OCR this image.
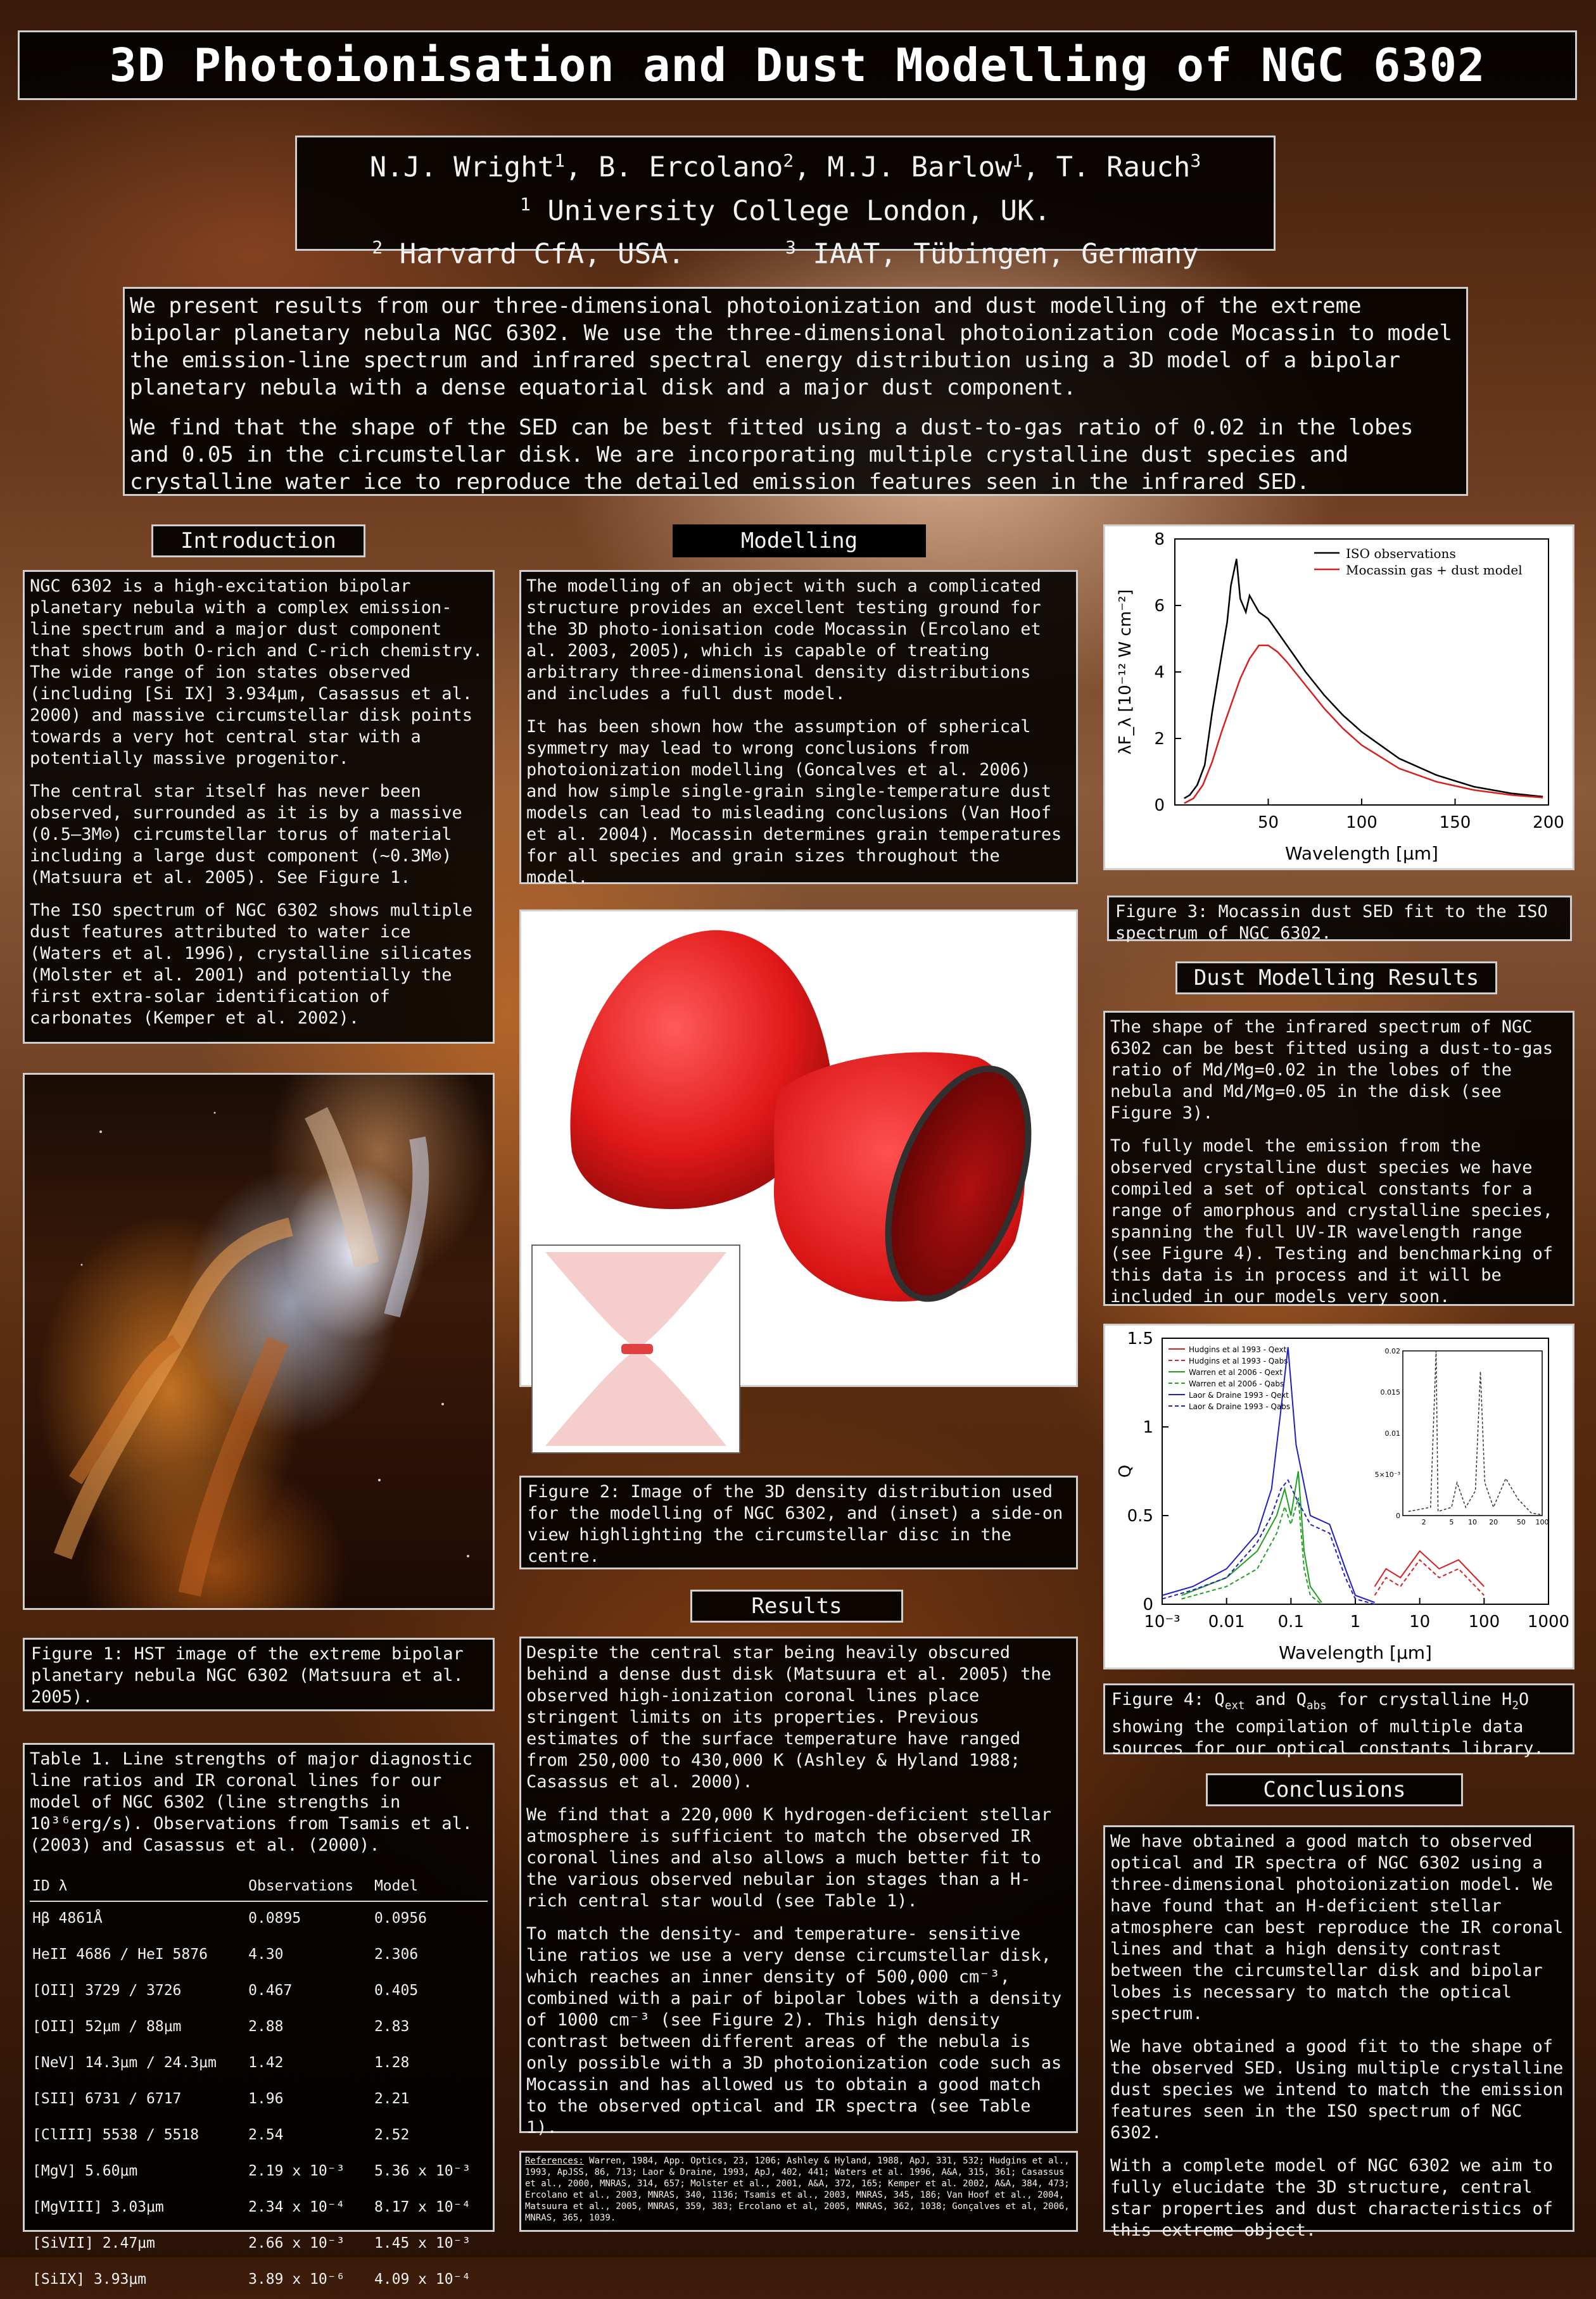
3D Photoionisation and Dust Modelling of NGC 6302
N.J. Wright$^1$, B. Ercolano$^2$, M.J. Barlow$^1$, T. Rauch$^3$
$^1$ University College London, UK.
$^2$ Harvard CfA, USA.	$^3$ IAAT, Tübingen, Germany

We present results from our three-dimensional photoionization and dust modelling of the extreme bipolar planetary nebula NGC 6302. We use the three-dimensional photoionization code Mocassin to model the emission-line spectrum and infrared spectral energy distribution using a 3D model of a bipolar planetary nebula with a dense equatorial disk and a major dust component.

We find that the shape of the SED can be best fitted using a dust-to-gas ratio of 0.02 in the lobes and 0.05 in the circumstellar disk. We are incorporating multiple crystalline dust species and crystalline water ice to reproduce the detailed emission features seen in the infrared SED.

Introduction

NGC 6302 is a high-excitation bipolar planetary nebula with a complex emission-line spectrum and a major dust component that shows both O-rich and C-rich chemistry. The wide range of ion states observed (including [Si IX] 3.934μm, Casassus et al. 2000) and massive circumstellar disk points towards a very hot central star with a potentially massive progenitor.

The central star itself has never been observed, surrounded as it is by a massive (0.5–3M⊙) circumstellar torus of material including a large dust component (~0.3M⊙) (Matsuura et al. 2005). See Figure 1.

The ISO spectrum of NGC 6302 shows multiple dust features attributed to water ice (Waters et al. 1996), crystalline silicates (Molster et al. 2001) and potentially the first extra-solar identification of carbonates (Kemper et al. 2002).

Figure 1: HST image of the extreme bipolar planetary nebula NGC 6302 (Matsuura et al. 2005).
Table 1. Line strengths of major diagnostic line ratios and IR coronal lines for our model of NGC 6302 (line strengths in 10³⁶erg/s). Observations from Tsamis et al. (2003) and Casassus et al. (2000).
ID λ	Observations	Model
Hβ 4861Å	0.0895	0.0956
HeII 4686 / HeI 5876	4.30	2.306
[OII] 3729 / 3726	0.467	0.405
[OII] 52μm / 88μm	2.88	2.83
[NeV] 14.3μm / 24.3μm	1.42	1.28
[SII] 6731 / 6717	1.96	2.21
[ClIII] 5538 / 5518	2.54	2.52
[MgV] 5.60μm	2.19 x 10⁻³	5.36 x 10⁻³
[MgVIII] 3.03μm	2.34 x 10⁻⁴	8.17 x 10⁻⁴
[SiVII] 2.47μm	2.66 x 10⁻³	1.45 x 10⁻³
[SiIX] 3.93μm	3.89 x 10⁻⁶	4.09 x 10⁻⁴
Modelling

The modelling of an object with such a complicated structure provides an excellent testing ground for the 3D photo-ionisation code Mocassin (Ercolano et al. 2003, 2005), which is capable of treating arbitrary three-dimensional density distributions and includes a full dust model.

It has been shown how the assumption of spherical symmetry may lead to wrong conclusions from photoionization modelling (Goncalves et al. 2006) and how simple single-grain single-temperature dust models can lead to misleading conclusions (Van Hoof et al. 2004). Mocassin determines grain temperatures for all species and grain sizes throughout the model.

Figure 2: Image of the 3D density distribution used for the modelling of NGC 6302, and (inset) a side-on view highlighting the circumstellar disc in the centre.
Results

Despite the central star being heavily obscured behind a dense dust disk (Matsuura et al. 2005) the observed high-ionization coronal lines place stringent limits on its properties. Previous estimates of the surface temperature have ranged from 250,000 to 430,000 K (Ashley & Hyland 1988; Casassus et al. 2000).

We find that a 220,000 K hydrogen-deficient stellar atmosphere is sufficient to match the observed IR coronal lines and also allows a much better fit to the various observed nebular ion stages than a H-rich central star would (see Table 1).

To match the density- and temperature- sensitive line ratios we use a very dense circumstellar disk, which reaches an inner density of 500,000 cm⁻³, combined with a pair of bipolar lobes with a density of 1000 cm⁻³ (see Figure 2). This high density contrast between different areas of the nebula is only possible with a 3D photoionization code such as Mocassin and has allowed us to obtain a good match to the observed optical and IR spectra (see Table 1).

References: Warren, 1984, App. Optics, 23, 1206; Ashley & Hyland, 1988, ApJ, 331, 532; Hudgins et al., 1993, ApJSS, 86, 713; Laor & Draine, 1993, ApJ, 402, 441; Waters et al. 1996, A&A, 315, 361; Casassus et al., 2000, MNRAS, 314, 657; Molster et al., 2001, A&A, 372, 165; Kemper et al. 2002, A&A, 384, 473; Ercolano et al., 2003, MNRAS, 340, 1136; Tsamis et al., 2003, MNRAS, 345, 186; Van Hoof et al., 2004, Matsuura et al., 2005, MNRAS, 359, 383; Ercolano et al, 2005, MNRAS, 362, 1038; Gonçalves et al, 2006, MNRAS, 365, 1039.
50	100	150	200
0
2
4
6
8
Wavelength [μm]
λF_λ [10⁻¹² W cm⁻²]
ISO observations
Mocassin gas + dust model
Figure 3: Mocassin dust SED fit to the ISO spectrum of NGC 6302.
Dust Modelling Results

The shape of the infrared spectrum of NGC 6302 can be best fitted using a dust-to-gas ratio of Md/Mg=0.02 in the lobes of the nebula and Md/Mg=0.05 in the disk (see Figure 3).

To fully model the emission from the observed crystalline dust species we have compiled a set of optical constants for a range of amorphous and crystalline species, spanning the full UV-IR wavelength range (see Figure 4). Testing and benchmarking of this data is in process and it will be included in our models very soon.

10⁻³ 0.01 0.1	1	10 100 1000
0
0.5
1
1.5
Wavelength [μm]
Q
Hudgins et al 1993 - Qext
Hudgins et al 1993 - Qabs
Warren et al 2006 - Qext
Warren et al 2006 - Qabs
Laor & Draine 1993 - Qext
Laor & Draine 1993 - Qabs
0
5×10⁻³
0.01
0.015
0.02
2	5 10 20	50 100
Figure 4: $Q_{ext}$ and $Q_{abs}$ for crystalline $H_2O$ showing the compilation of multiple data sources for our optical constants library.
Conclusions

We have obtained a good match to observed optical and IR spectra of NGC 6302 using a three-dimensional photoionization model. We have found that an H-deficient stellar atmosphere can best reproduce the IR coronal lines and that a high density contrast between the circumstellar disk and bipolar lobes is necessary to match the optical spectrum.

We have obtained a good fit to the shape of the observed SED. Using multiple crystalline dust species we intend to match the emission features seen in the ISO spectrum of NGC 6302.

With a complete model of NGC 6302 we aim to fully elucidate the 3D structure, central star properties and dust characteristics of this extreme object.
